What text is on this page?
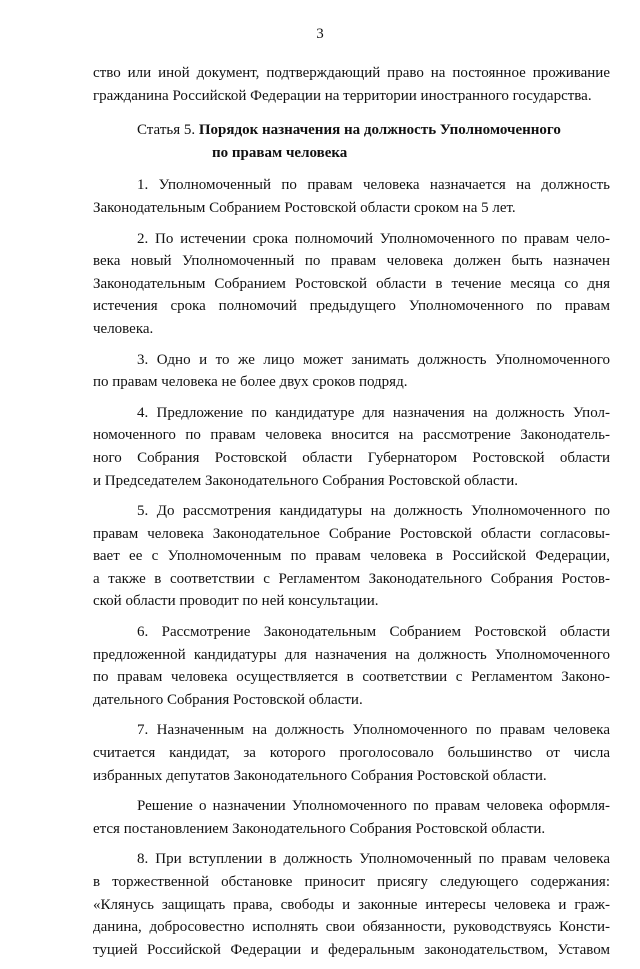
3
ство или иной документ, подтверждающий право на постоянное проживание
гражданина Российской Федерации на территории иностранного государства.
Статья 5. Порядок назначения на должность Уполномоченного
по правам человека
1. Уполномоченный по правам человека назначается на должность
Законодательным Собранием Ростовской области сроком на 5 лет.
2. По истечении срока полномочий Уполномоченного по правам чело-
века новый Уполномоченный по правам человека должен быть назначен
Законодательным Собранием Ростовской области в течение месяца со дня
истечения срока полномочий предыдущего Уполномоченного по правам
человека.
3. Одно и то же лицо может занимать должность Уполномоченного
по правам человека не более двух сроков подряд.
4. Предложение по кандидатуре для назначения на должность Упол-
номоченного по правам человека вносится на рассмотрение Законодатель-
ного Собрания Ростовской области Губернатором Ростовской области
и Председателем Законодательного Собрания Ростовской области.
5. До рассмотрения кандидатуры на должность Уполномоченного по
правам человека Законодательное Собрание Ростовской области согласовы-
вает ее с Уполномоченным по правам человека в Российской Федерации,
а также в соответствии с Регламентом Законодательного Собрания Ростов-
ской области проводит по ней консультации.
6. Рассмотрение Законодательным Собранием Ростовской области
предложенной кандидатуры для назначения на должность Уполномоченного
по правам человека осуществляется в соответствии с Регламентом Законо-
дательного Собрания Ростовской области.
7. Назначенным на должность Уполномоченного по правам человека
считается кандидат, за которого проголосовало большинство от числа
избранных депутатов Законодательного Собрания Ростовской области.
Решение о назначении Уполномоченного по правам человека оформля-
ется постановлением Законодательного Собрания Ростовской области.
8. При вступлении в должность Уполномоченный по правам человека
в торжественной обстановке приносит присягу следующего содержания:
«Клянусь защищать права, свободы и законные интересы человека и граж-
данина, добросовестно исполнять свои обязанности, руководствуясь Консти-
туцией Российской Федерации и федеральным законодательством, Уставом
